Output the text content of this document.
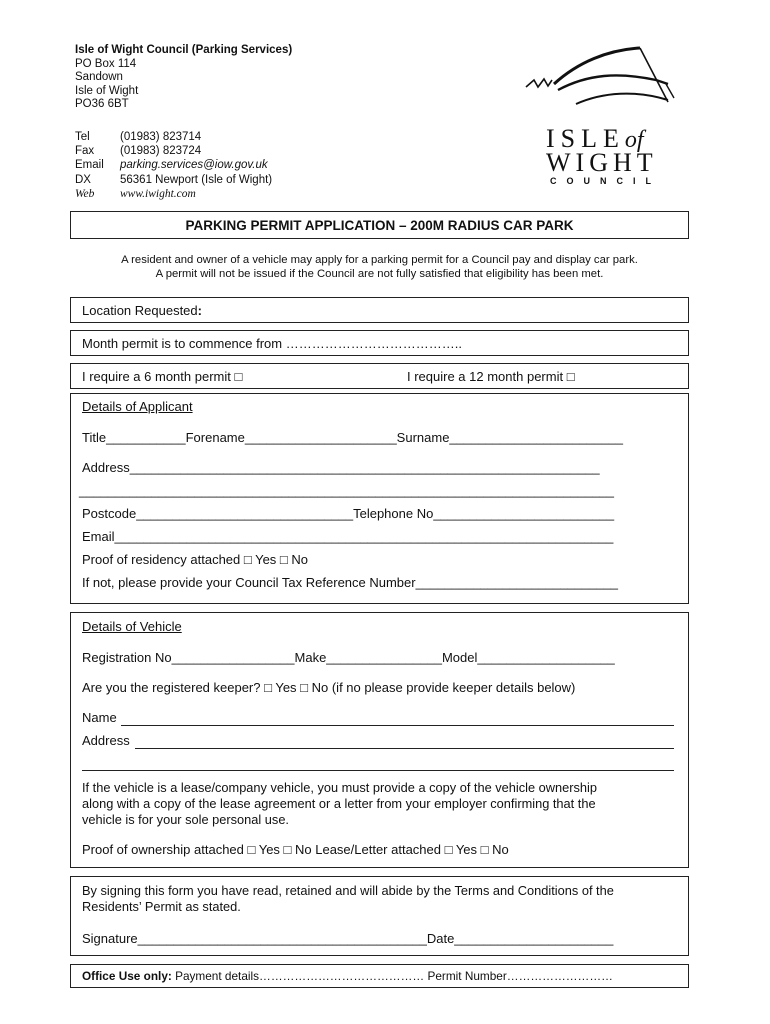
Isle of Wight Council (Parking Services)
PO Box 114
Sandown
Isle of Wight
PO36 6BT
Tel	(01983) 823714
Fax	(01983) 823724
Email	parking.services@iow.gov.uk
DX	56361 Newport (Isle of Wight)
Web	www.iwight.com
ISLEof
WIGHT
COUNCIL
PARKING PERMIT APPLICATION – 200M RADIUS CAR PARK
A resident and owner of a vehicle may apply for a parking permit for a Council pay and display car park.
A permit will not be issued if the Council are not fully satisfied that eligibility has been met.
Location Requested:
Month permit is to commence from …………………………………..
I require a 6 month permit □	I require a 12 month permit □
Details of Applicant
Title___________Forename_____________________Surname________________________
Address_________________________________________________________________
__________________________________________________________________________
Postcode______________________________Telephone No_________________________
Email_____________________________________________________________________
Proof of residency attached □ Yes □ No
If not, please provide your Council Tax Reference Number____________________________
Details of Vehicle
Registration No_________________Make________________Model___________________
Are you the registered keeper? □ Yes □ No (if no please provide keeper details below)
Name
Address
If the vehicle is a lease/company vehicle, you must provide a copy of the vehicle ownership
along with a copy of the lease agreement or a letter from your employer confirming that the
vehicle is for your sole personal use.
Proof of ownership attached □ Yes □ No Lease/Letter attached □ Yes □ No
By signing this form you have read, retained and will abide by the Terms and Conditions of the
Residents’ Permit as stated.
Signature________________________________________Date______________________
Office Use only: Payment details…………………………………… Permit Number………………………
